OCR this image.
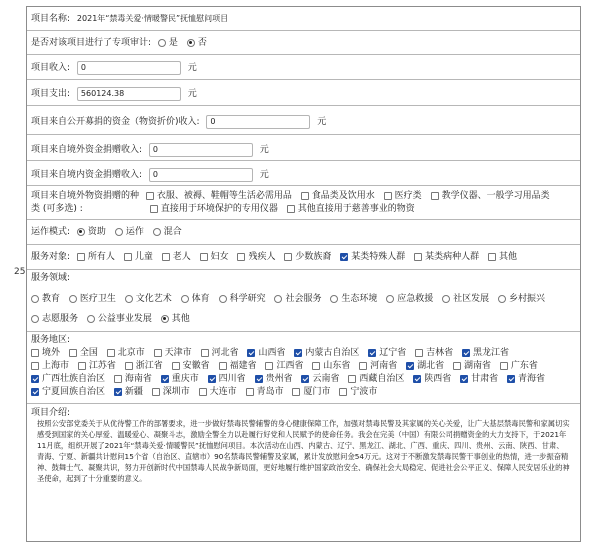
25
项目名称: 2021年“禁毒关爱·情暖警民”抚恤慰问项目
是否对该项目进行了专项审计: 是 否
项目收入: 0	元
项目支出: 560124.38	元
项目来自公开募捐的资金（物资折价)收入: 0	元
项目来自境外资金捐赠收入: 0	元
项目来自境内资金捐赠收入: 0	元
项目来自境外物资捐赠的种 衣服、被褥、鞋帽等生活必需用品 食品类及饮用水 医疗类 教学仪器、一般学习用品类
类 (可多选) :	直接用于环境保护的专用仪器 其他直接用于慈善事业的物资
运作模式: 资助 运作 混合
服务对象: 所有人 儿童 老人 妇女 残疾人 少数族裔 某类特殊人群 某类病种人群 其他
服务领域:
教育 医疗卫生 文化艺术 体育 科学研究 社会服务 生态环境 应急救援 社区发展 乡村振兴
志愿服务 公益事业发展 其他
服务地区:
境外 全国 北京市 天津市 河北省 山西省 内蒙古自治区 辽宁省 吉林省 黑龙江省
上海市 江苏省 浙江省 安徽省 福建省 江西省 山东省 河南省 湖北省 湖南省 广东省
广西壮族自治区 海南省 重庆市 四川省 贵州省 云南省 西藏自治区 陕西省 甘肃省 青海省
宁夏回族自治区 新疆 深圳市 大连市 青岛市 厦门市 宁波市
项目介绍:
按照公安部党委关于从优待警工作的部署要求，进一步做好禁毒民警辅警的身心健康保障工作，加强对禁毒民警及其家属的关心关爱，让广大基层禁毒民警和家属切实感受到国家的关心厚爱、温暖爱心、凝聚斗志，激励全警全力以赴履行好党和人民赋予的使命任务。我会在完美（中国）有限公司捐赠资金的大力支持下，于2021年11月底，组织开展了2021年“禁毒关爱·情暖警民”抚恤慰问项目。本次活动在山西、内蒙古、辽宁、黑龙江、湖北、广西、重庆、四川、贵州、云南、陕西、甘肃、青海、宁夏、新疆共计慰问15个省（自治区、直辖市）90名禁毒民警辅警及家属，累计发放慰问金54万元。这对于不断激发禁毒民警干事创业的热情，进一步振奋精神、鼓舞士气、凝聚共识，努力开创新时代中国禁毒人民战争新局面，更好地履行维护国家政治安全、确保社会大局稳定、促进社会公平正义、保障人民安居乐业的神圣使命，起到了十分重要的意义。
